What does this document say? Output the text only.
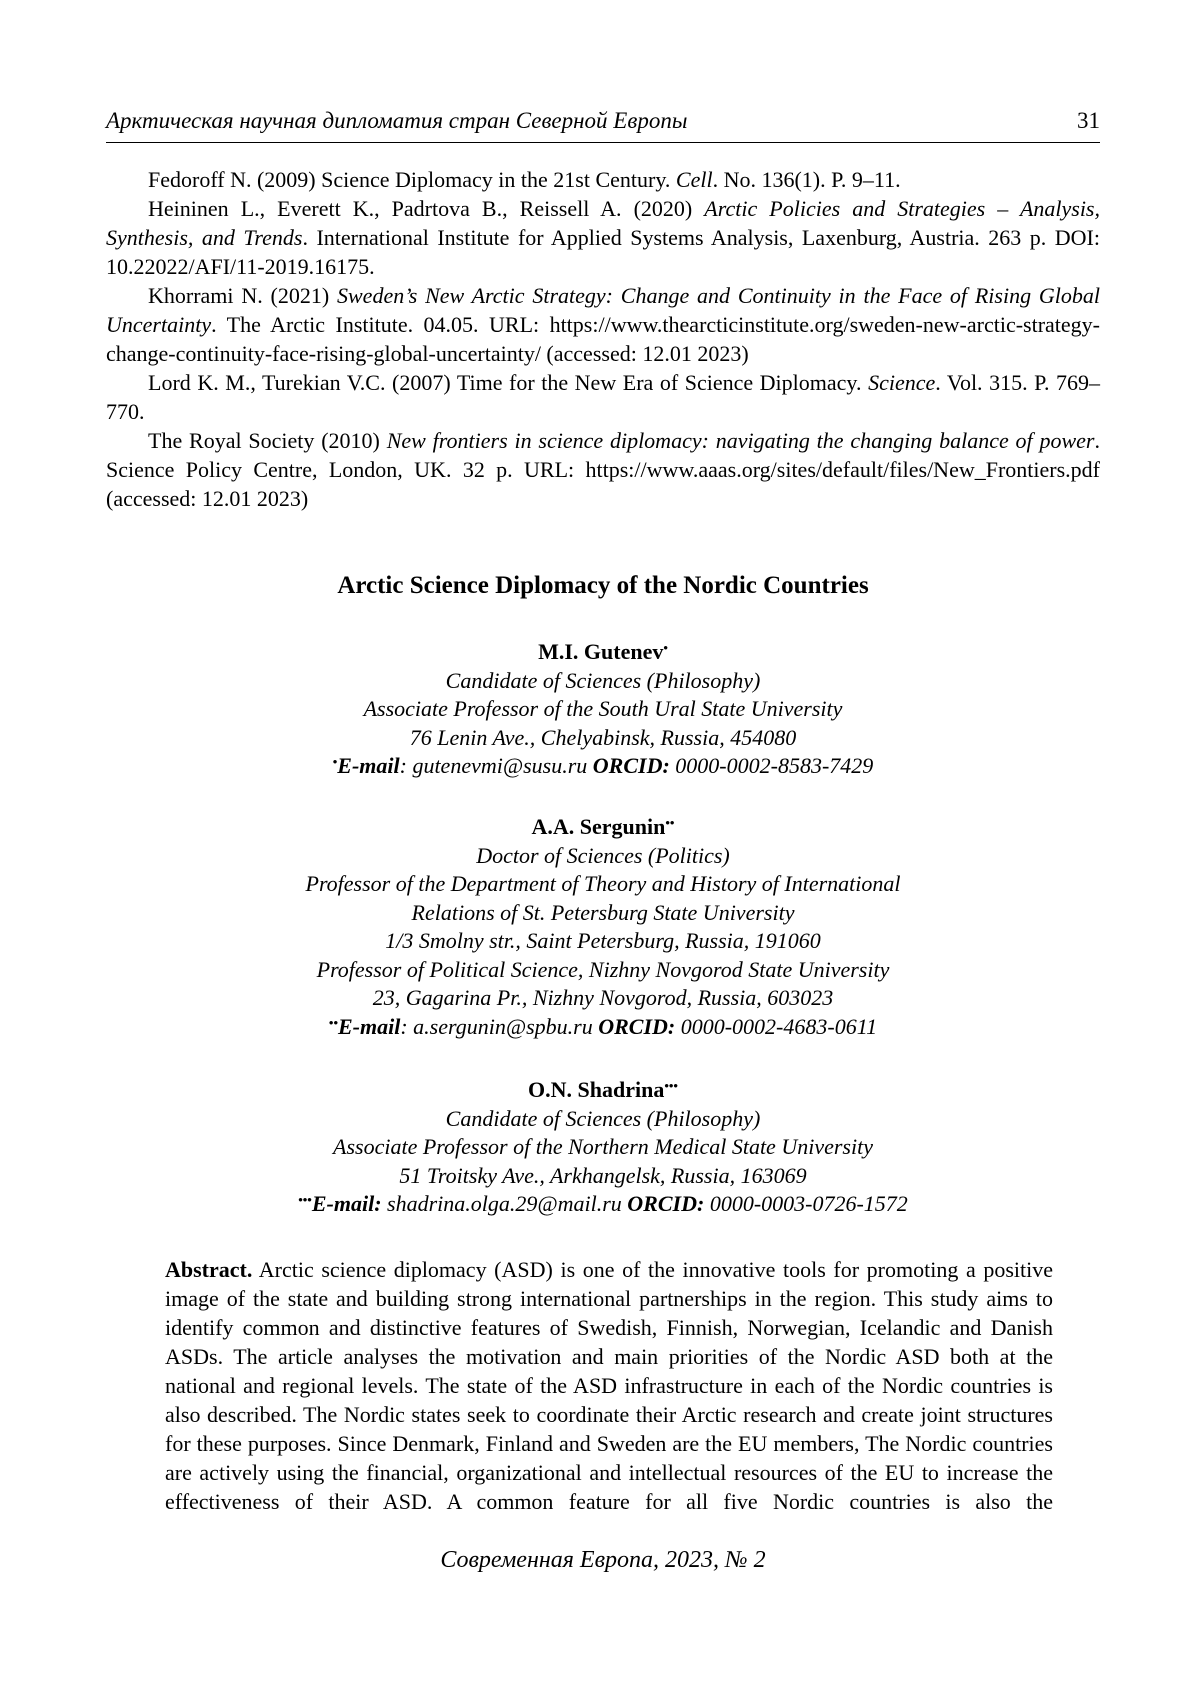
Арктическая научная дипломатия стран Северной Европы	31

Fedoroff N. (2009) Science Diplomacy in the 21st Century. Cell. No. 136(1). P. 9–11.

Heininen L., Everett K., Padrtova B., Reissell A. (2020) Arctic Policies and Strategies – Analysis, Synthesis, and Trends. International Institute for Applied Systems Analysis, Laxenburg, Austria. 263 p. DOI: 10.22022/AFI/11-2019.16175.

Khorrami N. (2021) Sweden’s New Arctic Strategy: Change and Continuity in the Face of Rising Global Uncertainty. The Arctic Institute. 04.05. URL: https://www.thearcticinstitute.org/sweden-new-arctic-strategy-change-continuity-face-rising-global-uncertainty/ (accessed: 12.01 2023)

Lord K. M., Turekian V.C. (2007) Time for the New Era of Science Diplomacy. Science. Vol. 315. P. 769–770.

The Royal Society (2010) New frontiers in science diplomacy: navigating the changing balance of power. Science Policy Centre, London, UK. 32 p. URL: https://www.aaas.org/sites/default/files/New_Frontiers.pdf (accessed: 12.01 2023)

Arctic Science Diplomacy of the Nordic Countries
M.I. Gutenev•
Candidate of Sciences (Philosophy)
Associate Professor of the South Ural State University
76 Lenin Ave., Chelyabinsk, Russia, 454080
•E-mail: gutenevmi@susu.ru ORCID: 0000-0002-8583-7429
A.A. Sergunin••
Doctor of Sciences (Politics)
Professor of the Department of Theory and History of International
Relations of St. Petersburg State University
1/3 Smolny str., Saint Petersburg, Russia, 191060
Professor of Political Science, Nizhny Novgorod State University
23, Gagarina Pr., Nizhny Novgorod, Russia, 603023
••E-mail: a.sergunin@spbu.ru ORCID: 0000-0002-4683-0611
O.N. Shadrina•••
Candidate of Sciences (Philosophy)
Associate Professor of the Northern Medical State University
51 Troitsky Ave., Arkhangelsk, Russia, 163069
•••E-mail: shadrina.olga.29@mail.ru ORCID: 0000-0003-0726-1572
Abstract. Arctic science diplomacy (ASD) is one of the innovative tools for promoting a positive image of the state and building strong international partnerships in the region. This study aims to identify common and distinctive features of Swedish, Finnish, Norwegian, Icelandic and Danish ASDs. The article analyses the motivation and main priorities of the Nordic ASD both at the national and regional levels. The state of the ASD infrastructure in each of the Nordic countries is also described. The Nordic states seek to coordinate their Arctic research and create joint structures for these purposes. Since Denmark, Finland and Sweden are the EU members, The Nordic countries are actively using the financial, organizational and intellectual resources of the EU to increase the effectiveness of their ASD. A common feature for all five Nordic countries is also the
Современная Европа, 2023, № 2
